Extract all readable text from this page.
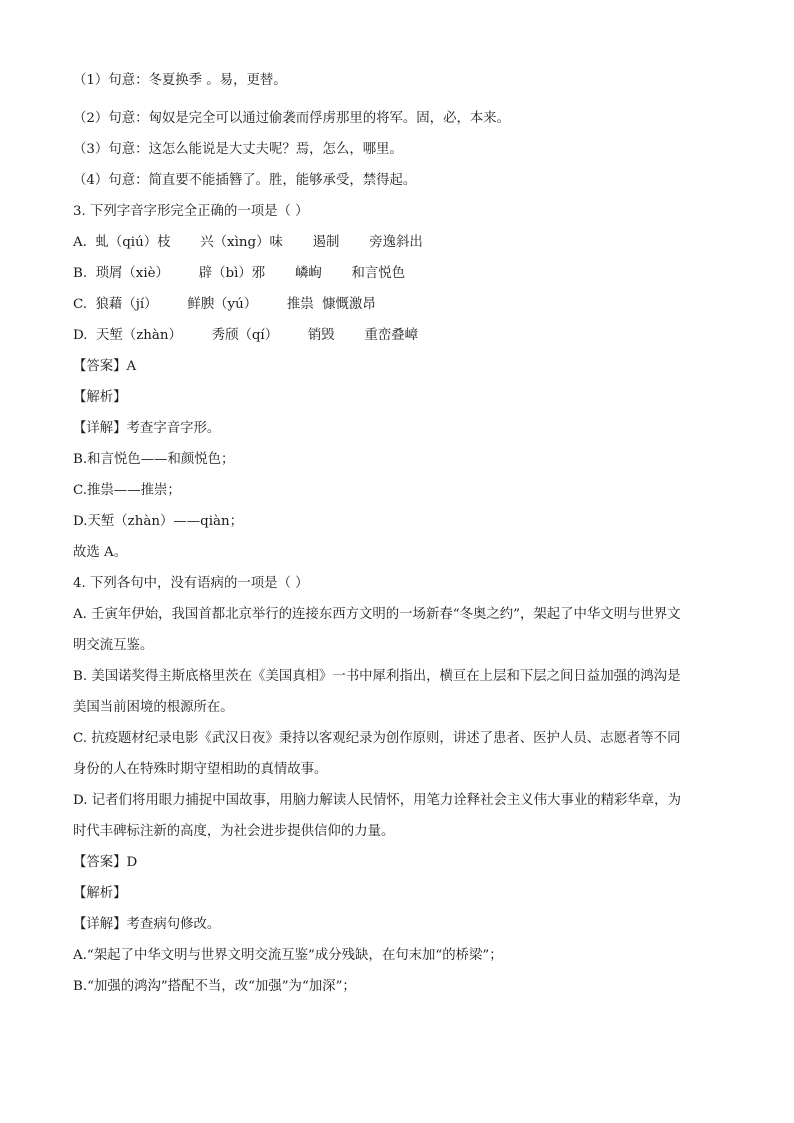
（1）句意：冬夏换季 。易，更替。
（2）句意：匈奴是完全可以通过偷袭而俘虏那里的将军。固，必，本来。
（3）句意：这怎么能说是大丈夫呢？焉，怎么，哪里。
（4）句意：简直要不能插簪了。胜，能够承受，禁得起。
3. 下列字音字形完全正确的一项是（ ）
A.  虬（qiú）枝       兴（xìng）味       遏制       旁逸斜出
B.  琐屑（xiè）       辟（bì）邪       嶙峋       和言悦色
C.  狼藉（jí）       鲜腴（yú）       推祟  慷慨激昂
D.  天堑（zhàn）       秀颀（qí）       销毁       重峦叠嶂
【答案】A
【解析】
【详解】考查字音字形。
B.和言悦色——和颜悦色；
C.推祟——推崇；
D.天堑（zhàn）——qiàn；
故选 A。
4. 下列各句中，没有语病的一项是（ ）
A. 壬寅年伊始，我国首都北京举行的连接东西方文明的一场新春“冬奥之约”，架起了中华文明与世界文
明交流互鉴。
B. 美国诺奖得主斯底格里茨在《美国真相》一书中犀利指出，横亘在上层和下层之间日益加强的鸿沟是
美国当前困境的根源所在。
C. 抗疫题材纪录电影《武汉日夜》秉持以客观纪录为创作原则，讲述了患者、医护人员、志愿者等不同
身份的人在特殊时期守望相助的真情故事。
D. 记者们将用眼力捕捉中国故事，用脑力解读人民情怀，用笔力诠释社会主义伟大事业的精彩华章，为
时代丰碑标注新的高度，为社会进步提供信仰的力量。
【答案】D
【解析】
【详解】考查病句修改。
A.“架起了中华文明与世界文明交流互鉴”成分残缺，在句末加“的桥梁”；
B.“加强的鸿沟”搭配不当，改“加强”为“加深”；
